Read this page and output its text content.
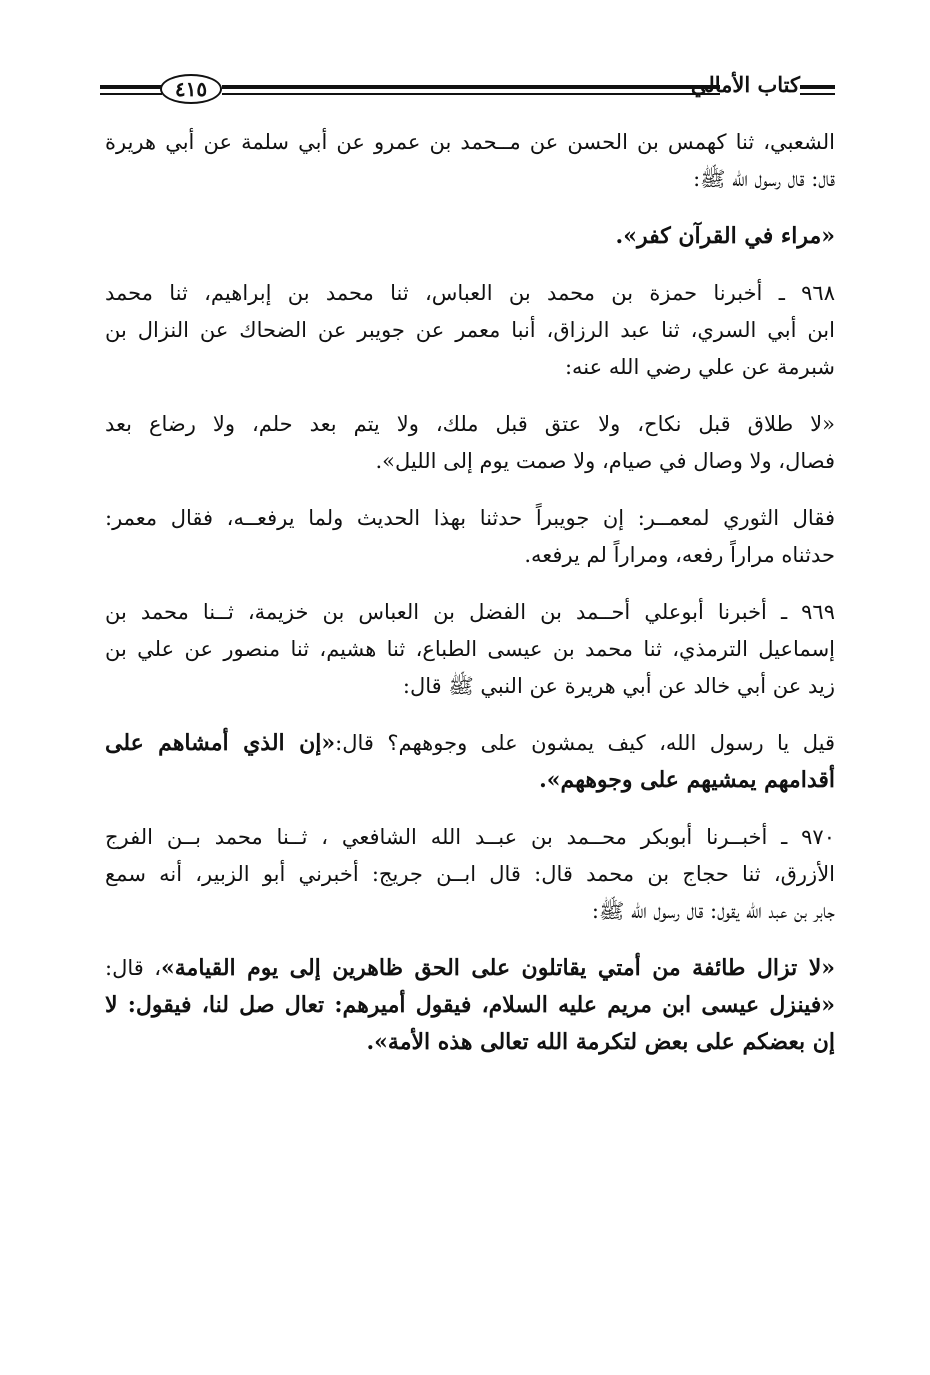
٤١٥	كتاب الأمالي
الشعبي، ثنا كهمس بن الحسن عن مــحمد بن عمرو عن أبي سلمة عن أبي هريرة
قال: قال رسول الله ﷺ:
«مراء في القرآن كفر».
٩٦٨ ـ أخبرنا حمزة بن محمد بن العباس، ثنا محمد بن إبراهيم، ثنا محمد
ابن أبي السري، ثنا عبد الرزاق، أنبا معمر عن جويبر عن الضحاك عن النزال بن
شبرمة عن علي رضي الله عنه:
«لا طلاق قبل نكاح، ولا عتق قبل ملك، ولا يتم بعد حلم، ولا رضاع بعد
فصال، ولا وصال في صيام، ولا صمت يوم إلى الليل».
فقال الثوري لمعمــر: إن جويبراً حدثنا بهذا الحديث ولما يرفعــه، فقال معمر:
حدثناه مراراً رفعه، ومراراً لم يرفعه.
٩٦٩ ـ أخبرنا أبوعلي أحــمد بن الفضل بن العباس بن خزيمة، ثــنا محمد بن
إسماعيل الترمذي، ثنا محمد بن عيسى الطباع، ثنا هشيم، ثنا منصور عن علي بن
زيد عن أبي خالد عن أبي هريرة عن النبي ﷺ قال:
قيل يا رسول الله، كيف يمشون على وجوههم؟ قال:«إن الذي أمشاهم على
أقدامهم يمشيهم على وجوههم».
٩٧٠ ـ أخبــرنا أبوبكر محــمد بن عبــد الله الشافعي ، ثــنا محمد بــن الفرج
الأزرق، ثنا حجاج بن محمد قال: قال ابــن جريج: أخبرني أبو الزبير، أنه سمع
جابر بن عبد الله يقول: قال رسول الله ﷺ:
«لا تزال طائفة من أمتي يقاتلون على الحق ظاهرين إلى يوم القيامة»، قال:
«فينزل عيسى ابن مريم عليه السلام، فيقول أميرهم: تعال صل لنا، فيقول: لا
إن بعضكم على بعض لتكرمة الله تعالى هذه الأمة».
